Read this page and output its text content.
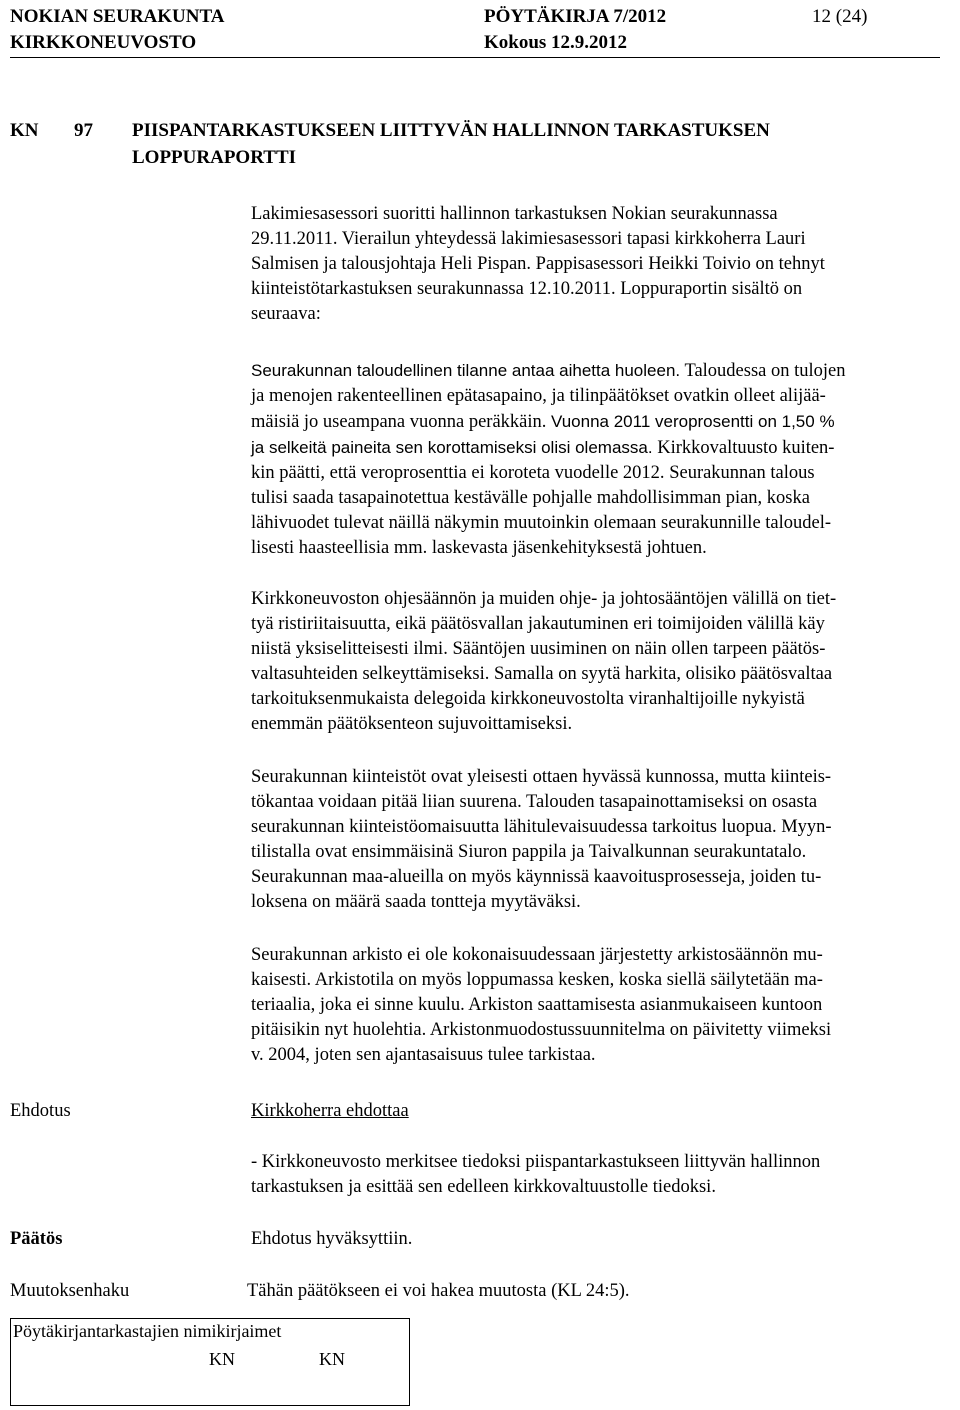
NOKIAN SEURAKUNTA
KIRKKONEUVOSTO
PÖYTÄKIRJA 7/2012
Kokous 12.9.2012
12 (24)
KN 97 PIISPANTARKASTUKSEEN LIITTYVÄN HALLINNON TARKASTUKSEN
LOPPURAPORTTI
Lakimiesasessori suoritti hallinnon tarkastuksen Nokian seurakunnassa
29.11.2011. Vierailun yhteydessä lakimiesasessori tapasi kirkkoherra Lauri
Salmisen ja talousjohtaja Heli Pispan. Pappisasessori Heikki Toivio on tehnyt
kiinteistötarkastuksen seurakunnassa 12.10.2011. Loppuraportin sisältö on
seuraava:
Seurakunnan taloudellinen tilanne antaa aihetta huoleen. Taloudessa on tulojen
ja menojen rakenteellinen epätasapaino, ja tilinpäätökset ovatkin olleet alijää-
mäisiä jo useampana vuonna peräkkäin. Vuonna 2011 veroprosentti on 1,50 %
ja selkeitä paineita sen korottamiseksi olisi olemassa. Kirkkovaltuusto kuiten-
kin päätti, että veroprosenttia ei koroteta vuodelle 2012. Seurakunnan talous
tulisi saada tasapainotettua kestävälle pohjalle mahdollisimman pian, koska
lähivuodet tulevat näillä näkymin muutoinkin olemaan seurakunnille taloudel-
lisesti haasteellisia mm. laskevasta jäsenkehityksestä johtuen.
Kirkkoneuvoston ohjesäännön ja muiden ohje- ja johtosääntöjen välillä on tiet-
tyä ristiriitaisuutta, eikä päätösvallan jakautuminen eri toimijoiden välillä käy
niistä yksiselitteisesti ilmi. Sääntöjen uusiminen on näin ollen tarpeen päätös-
valtasuhteiden selkeyttämiseksi. Samalla on syytä harkita, olisiko päätösvaltaa
tarkoituksenmukaista delegoida kirkkoneuvostolta viranhaltijoille nykyistä
enemmän päätöksenteon sujuvoittamiseksi.
Seurakunnan kiinteistöt ovat yleisesti ottaen hyvässä kunnossa, mutta kiinteis-
tökantaa voidaan pitää liian suurena. Talouden tasapainottamiseksi on osasta
seurakunnan kiinteistöomaisuutta lähitulevaisuudessa tarkoitus luopua. Myyn-
tilistalla ovat ensimmäisinä Siuron pappila ja Taivalkunnan seurakuntatalo.
Seurakunnan maa-alueilla on myös käynnissä kaavoitusprosesseja, joiden tu-
loksena on määrä saada tontteja myytäväksi.
Seurakunnan arkisto ei ole kokonaisuudessaan järjestetty arkistosäännön mu-
kaisesti. Arkistotila on myös loppumassa kesken, koska siellä säilytetään ma-
teriaalia, joka ei sinne kuulu. Arkiston saattamisesta asianmukaiseen kuntoon
pitäisikin nyt huolehtia. Arkistonmuodostussuunnitelma on päivitetty viimeksi
v. 2004, joten sen ajantasaisuus tulee tarkistaa.
Ehdotus	Kirkkoherra ehdottaa
- Kirkkoneuvosto merkitsee tiedoksi piispantarkastukseen liittyvän hallinnon
tarkastuksen ja esittää sen edelleen kirkkovaltuustolle tiedoksi.
Päätös	Ehdotus hyväksyttiin.
Muutoksenhaku	Tähän päätökseen ei voi hakea muutosta (KL 24:5).
Pöytäkirjantarkastajien nimikirjaimet
KN	KN
